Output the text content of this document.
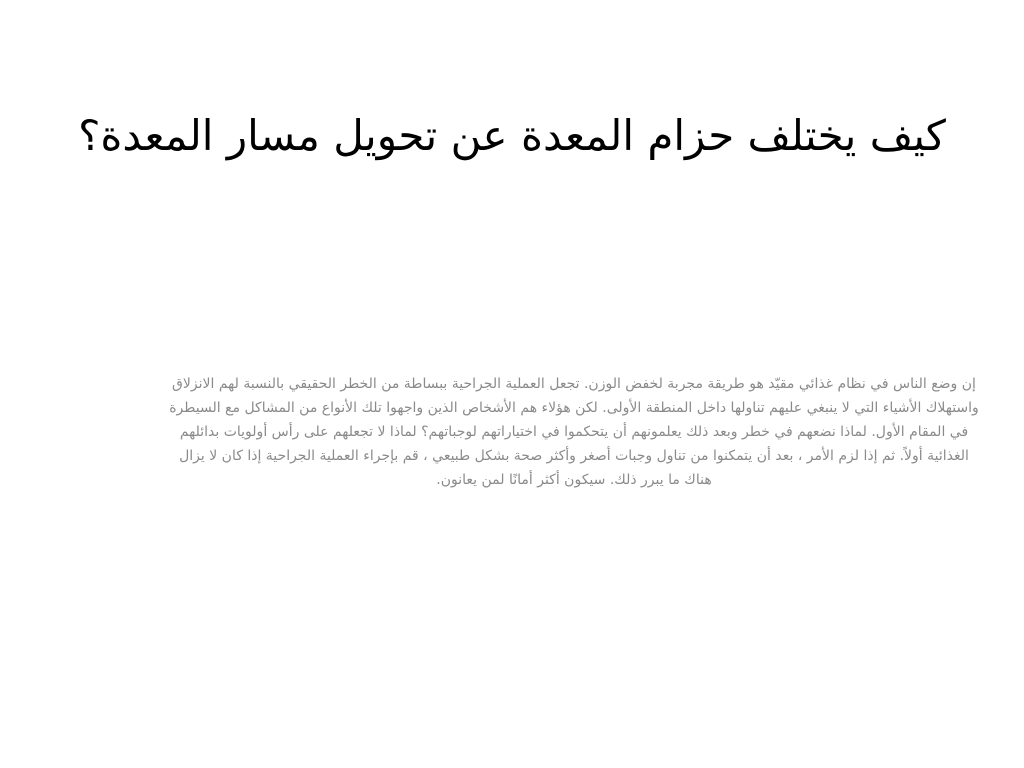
كيف يختلف حزام المعدة عن تحويل مسار المعدة؟

إن وضع الناس في نظام غذائي مقيّد هو طريقة مجربة لخفض الوزن. تجعل العملية الجراحية ببساطة من الخطر الحقيقي بالنسبة لهم الانزلاق واستهلاك الأشياء التي لا ينبغي عليهم تناولها داخل المنطقة الأولى. لكن هؤلاء هم الأشخاص الذين واجهوا تلك الأنواع من المشاكل مع السيطرة في المقام الأول. لماذا نضعهم في خطر وبعد ذلك يعلمونهم أن يتحكموا في اختياراتهم لوجباتهم؟ لماذا لا تجعلهم على رأس أولويات بدائلهم الغذائية أولاً. ثم إذا لزم الأمر ، بعد أن يتمكنوا من تناول وجبات أصغر وأكثر صحة بشكل طبيعي ، قم بإجراء العملية الجراحية إذا كان لا يزال هناك ما يبرر ذلك. سيكون أكثر أمانًا لمن يعانون.
